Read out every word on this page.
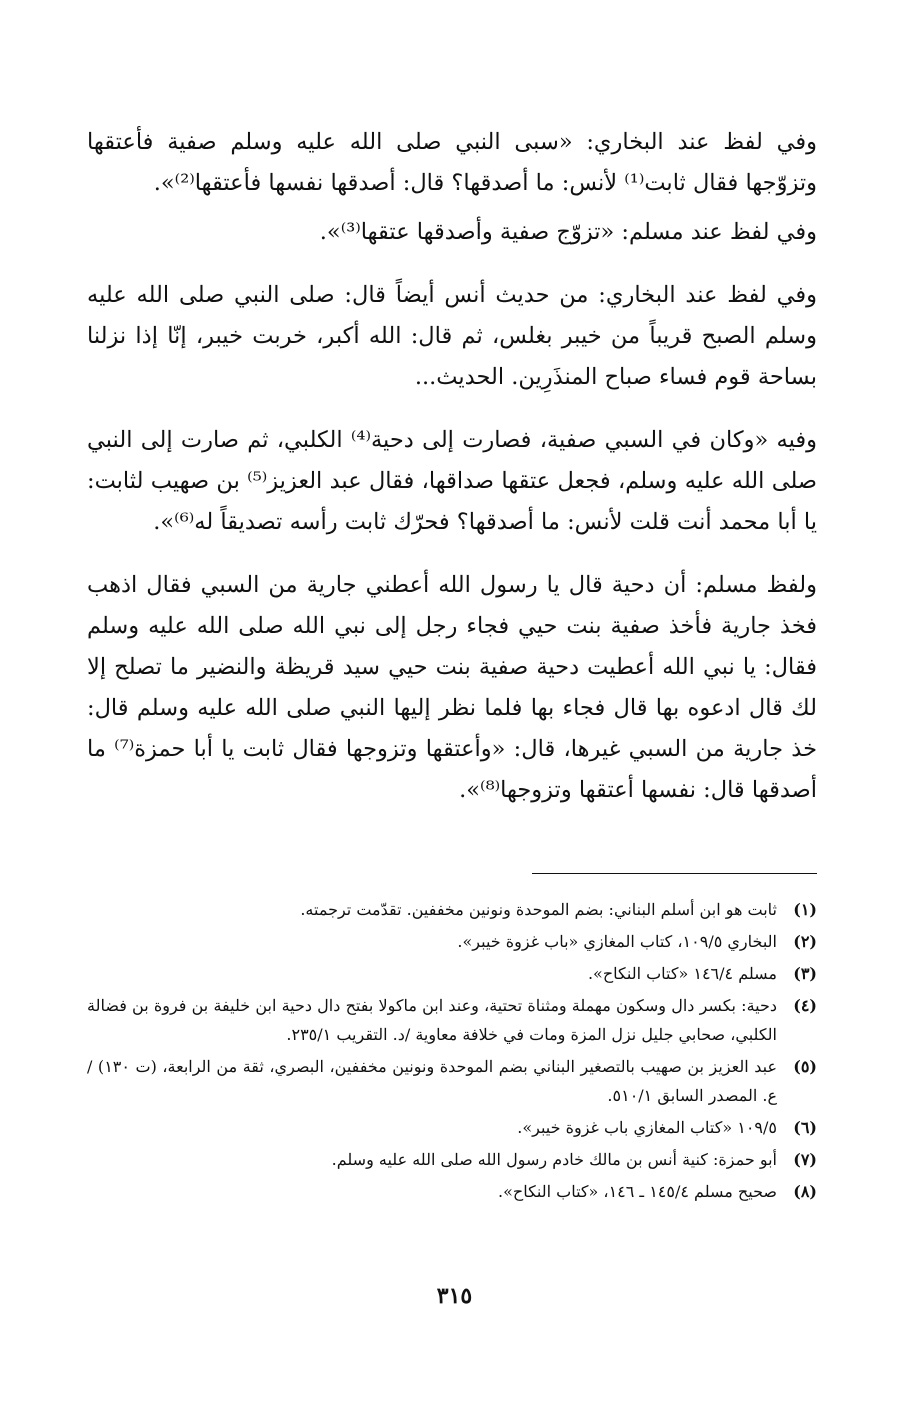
وفي لفظ عند البخاري: «سبى النبي صلى الله عليه وسلم صفية فأعتقها وتزوّجها فقال ثابت⁽¹⁾ لأنس: ما أصدقها؟ قال: أصدقها نفسها فأعتقها⁽²⁾».

وفي لفظ عند مسلم: «تزوّج صفية وأصدقها عتقها⁽³⁾».

وفي لفظ عند البخاري: من حديث أنس أيضاً قال: صلى النبي صلى الله عليه وسلم الصبح قريباً من خيبر بغلس، ثم قال: الله أكبر، خربت خيبر، إنّا إذا نزلنا بساحة قوم فساء صباح المنذَرِين. الحديث...

وفيه «وكان في السبي صفية، فصارت إلى دحية⁽⁴⁾ الكلبي، ثم صارت إلى النبي صلى الله عليه وسلم، فجعل عتقها صداقها، فقال عبد العزيز⁽⁵⁾ بن صهيب لثابت: يا أبا محمد أنت قلت لأنس: ما أصدقها؟ فحرّك ثابت رأسه تصديقاً له⁽⁶⁾».

ولفظ مسلم: أن دحية قال يا رسول الله أعطني جارية من السبي فقال اذهب فخذ جارية فأخذ صفية بنت حيي فجاء رجل إلى نبي الله صلى الله عليه وسلم فقال: يا نبي الله أعطيت دحية صفية بنت حيي سيد قريظة والنضير ما تصلح إلا لك قال ادعوه بها قال فجاء بها فلما نظر إليها النبي صلى الله عليه وسلم قال: خذ جارية من السبي غيرها، قال: «وأعتقها وتزوجها فقال ثابت يا أبا حمزة⁽⁷⁾ ما أصدقها قال: نفسها أعتقها وتزوجها⁽⁸⁾».

(١)
ثابت هو ابن أسلم البناني: بضم الموحدة ونونين مخففين. تقدّمت ترجمته.
(٢)
البخاري ١٠٩/٥، كتاب المغازي «باب غزوة خيبر».
(٣)
مسلم ١٤٦/٤ «كتاب النكاح».
(٤)
دحية: بكسر دال وسكون مهملة ومثناة تحتية، وعند ابن ماكولا بفتح دال دحية ابن خليفة بن فروة بن فضالة الكلبي، صحابي جليل نزل المزة ومات في خلافة معاوية /د. التقريب ٢٣٥/١.
(٥)
عبد العزيز بن صهيب بالتصغير البناني بضم الموحدة ونونين مخففين، البصري، ثقة من الرابعة، (ت ١٣٠) /ع. المصدر السابق ٥١٠/١.
(٦)
١٠٩/٥ «كتاب المغازي باب غزوة خيبر».
(٧)
أبو حمزة: كنية أنس بن مالك خادم رسول الله صلى الله عليه وسلم.
(٨)
صحيح مسلم ١٤٥/٤ ـ ١٤٦، «كتاب النكاح».
٣١٥
